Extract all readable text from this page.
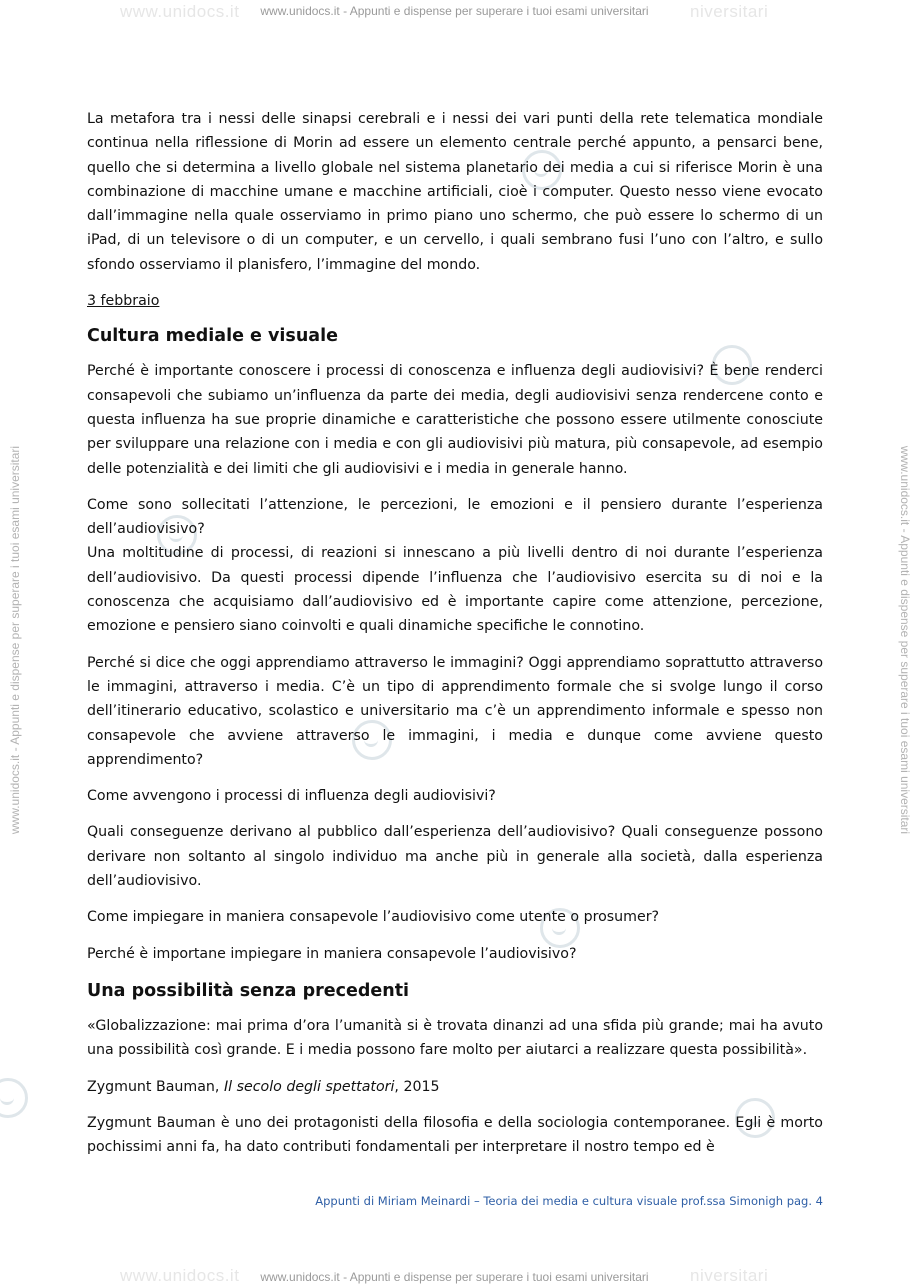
www.unidocs.it	niversitari
www.unidocs.it - Appunti e dispense per superare i tuoi esami universitari
www.unidocs.it - Appunti e dispense per superare i tuoi esami universitari	www.unidocs.it - Appunti e dispense per superare i tuoi esami universitari

La metafora tra i nessi delle sinapsi cerebrali e i nessi dei vari punti della rete telematica mondiale continua nella riflessione di Morin ad essere un elemento centrale perché appunto, a pensarci bene, quello che si determina a livello globale nel sistema planetario dei media a cui si riferisce Morin è una combinazione di macchine umane e macchine artificiali, cioè i computer. Questo nesso viene evocato dall’immagine nella quale osserviamo in primo piano uno schermo, che può essere lo schermo di un iPad, di un televisore o di un computer, e un cervello, i quali sembrano fusi l’uno con l’altro, e sullo sfondo osserviamo il planisfero, l’immagine del mondo.

3 febbraio

Cultura mediale e visuale

Perché è importante conoscere i processi di conoscenza e influenza degli audiovisivi? È bene renderci consapevoli che subiamo un’influenza da parte dei media, degli audiovisivi senza rendercene conto e questa influenza ha sue proprie dinamiche e caratteristiche che possono essere utilmente conosciute per sviluppare una relazione con i media e con gli audiovisivi più matura, più consapevole, ad esempio delle potenzialità e dei limiti che gli audiovisivi e i media in generale hanno.

Come sono sollecitati l’attenzione, le percezioni, le emozioni e il pensiero durante l’esperienza dell’audiovisivo?

Una moltitudine di processi, di reazioni si innescano a più livelli dentro di noi durante l’esperienza dell’audiovisivo. Da questi processi dipende l’influenza che l’audiovisivo esercita su di noi e la conoscenza che acquisiamo dall’audiovisivo ed è importante capire come attenzione, percezione, emozione e pensiero siano coinvolti e quali dinamiche specifiche le connotino.

Perché si dice che oggi apprendiamo attraverso le immagini? Oggi apprendiamo soprattutto attraverso le immagini, attraverso i media. C’è un tipo di apprendimento formale che si svolge lungo il corso dell’itinerario educativo, scolastico e universitario ma c’è un apprendimento informale e spesso non consapevole che avviene attraverso le immagini, i media e dunque come avviene questo apprendimento?

Come avvengono i processi di influenza degli audiovisivi?

Quali conseguenze derivano al pubblico dall’esperienza dell’audiovisivo? Quali conseguenze possono derivare non soltanto al singolo individuo ma anche più in generale alla società, dalla esperienza dell’audiovisivo.

Come impiegare in maniera consapevole l’audiovisivo come utente o prosumer?

Perché è importane impiegare in maniera consapevole l’audiovisivo?

Una possibilità senza precedenti

«Globalizzazione: mai prima d’ora l’umanità si è trovata dinanzi ad una sfida più grande; mai ha avuto una possibilità così grande. E i media possono fare molto per aiutarci a realizzare questa possibilità».

Zygmunt Bauman, Il secolo degli spettatori, 2015

Zygmunt Bauman è uno dei protagonisti della filosofia e della sociologia contemporanee. Egli è morto pochissimi anni fa, ha dato contributi fondamentali per interpretare il nostro tempo ed è

Appunti di Miriam Meinardi – Teoria dei media e cultura visuale prof.ssa Simonigh pag. 4
www.unidocs.it	niversitari
www.unidocs.it - Appunti e dispense per superare i tuoi esami universitari
